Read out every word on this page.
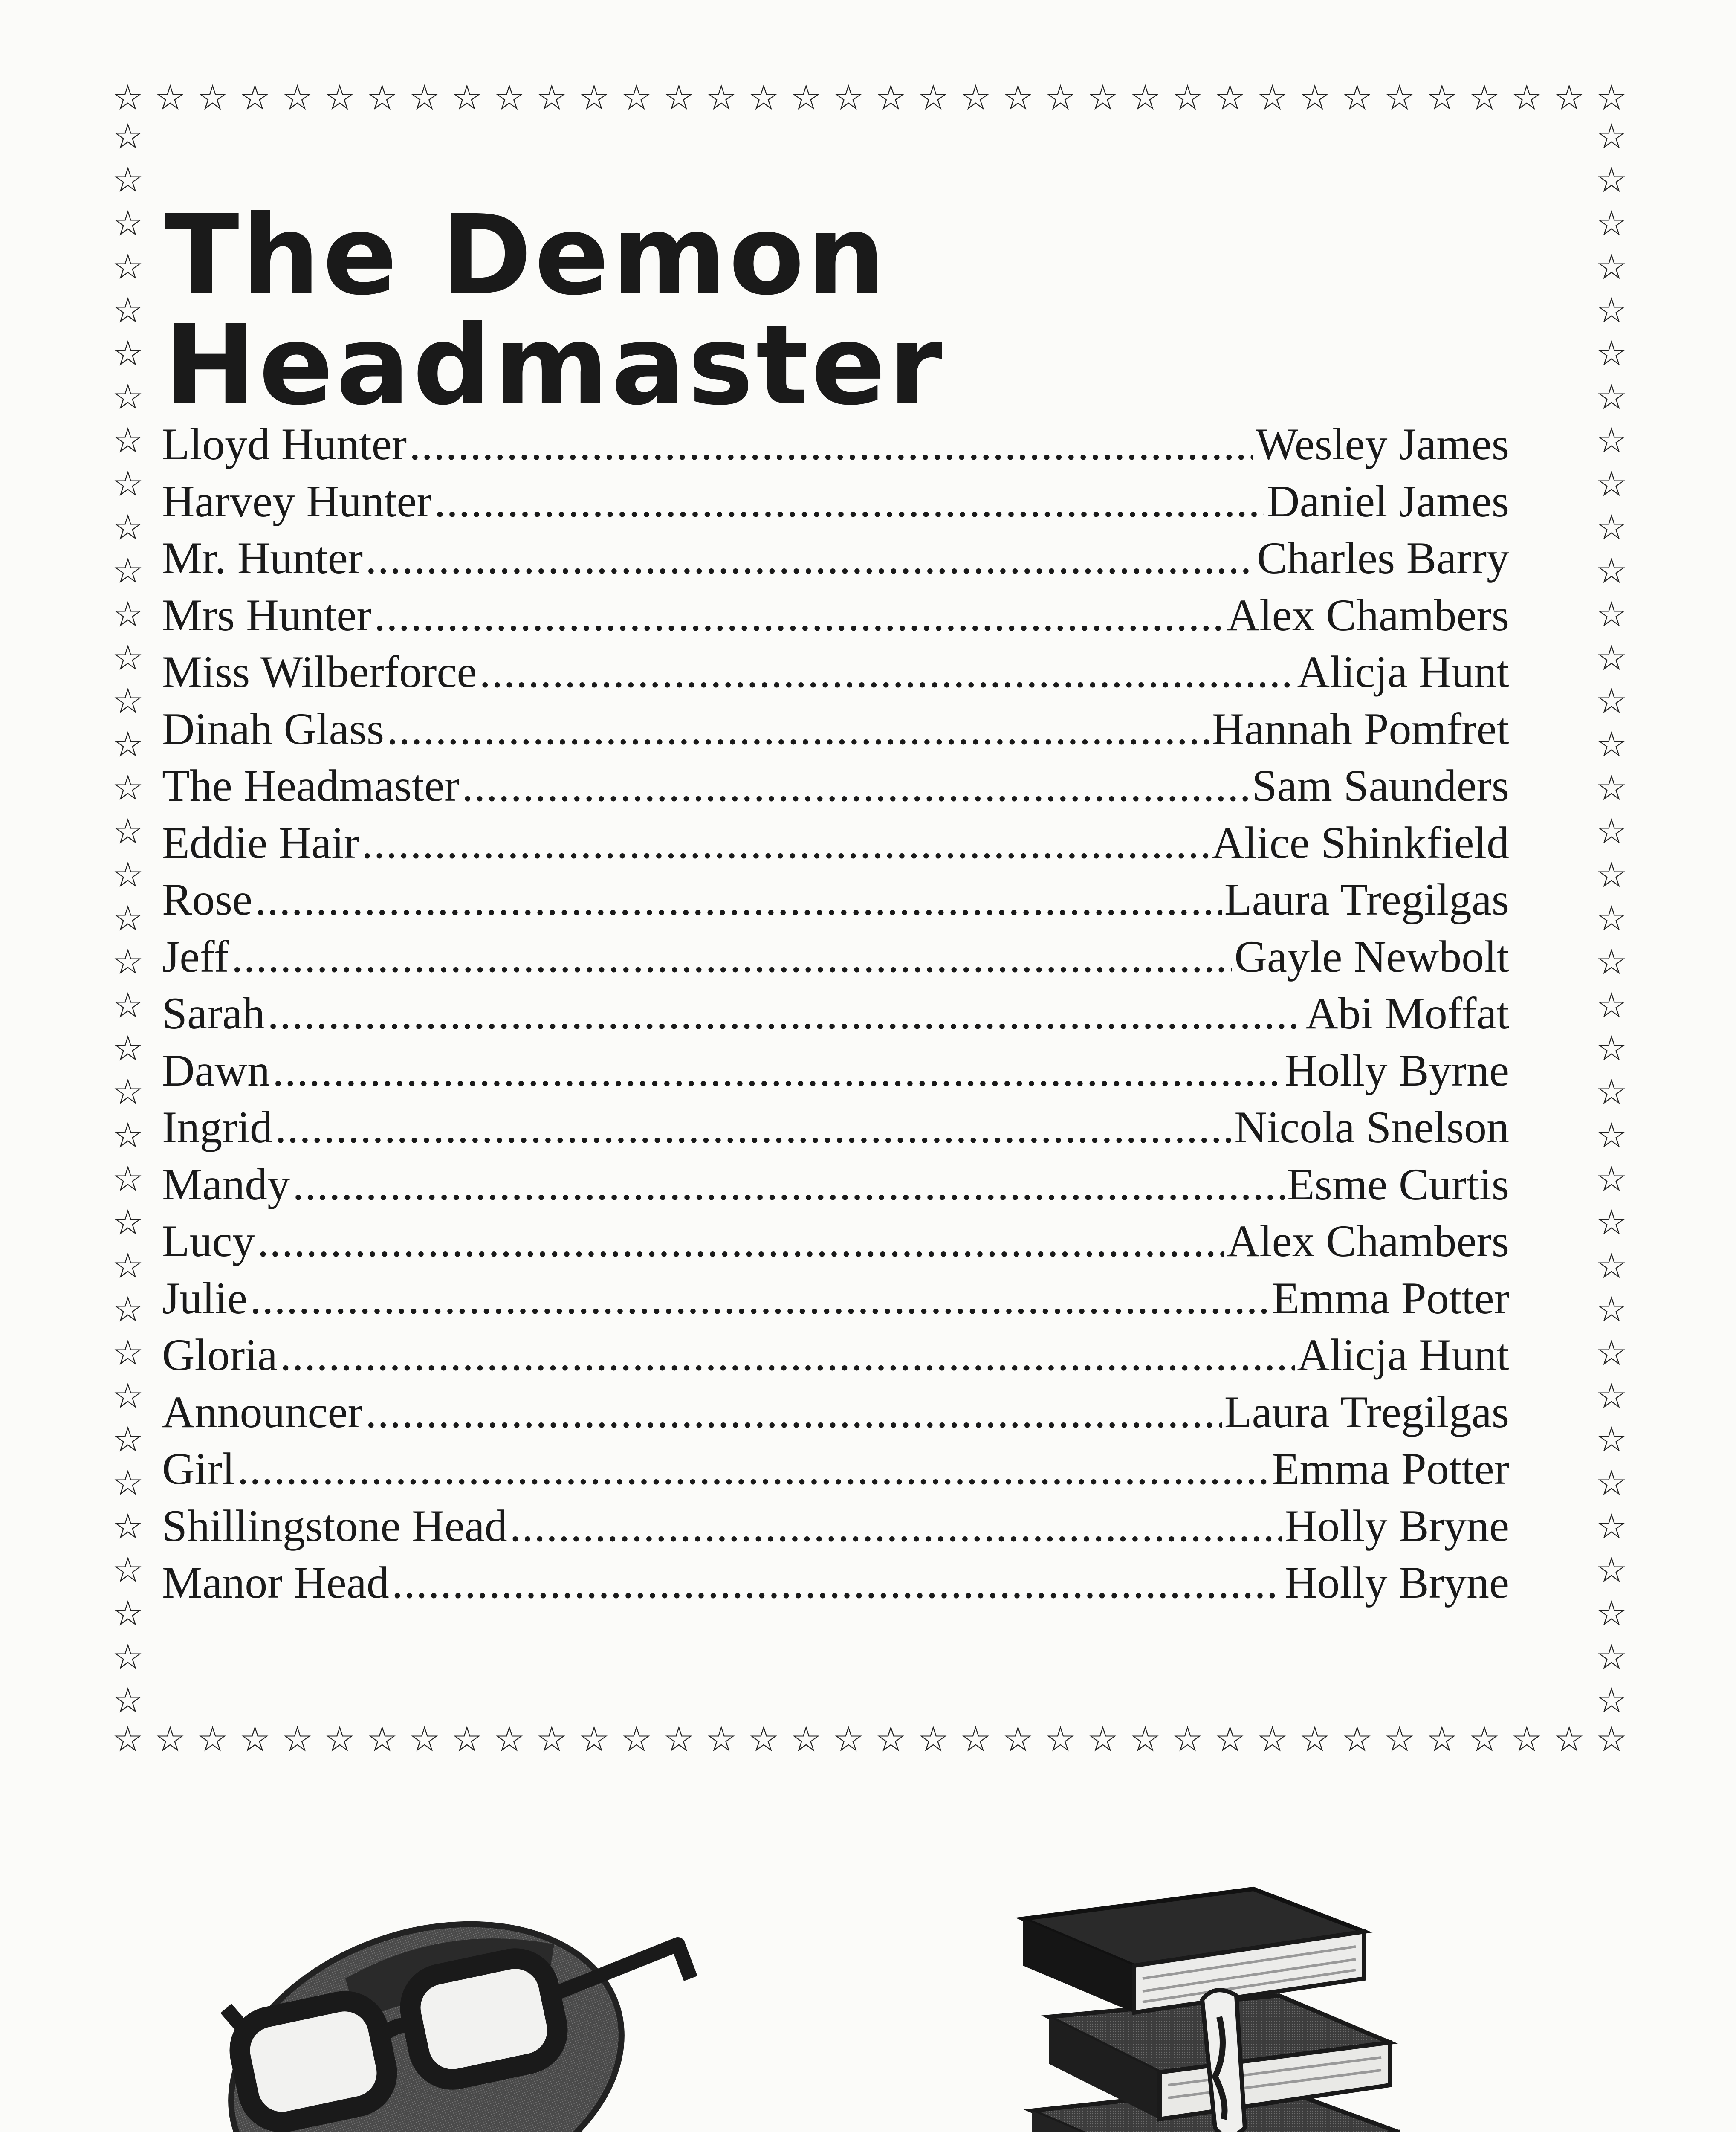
☆ ☆ ☆ ☆ ☆ ☆ ☆ ☆ ☆ ☆ ☆ ☆ ☆ ☆ ☆ ☆ ☆ ☆ ☆ ☆ ☆ ☆ ☆ ☆ ☆ ☆ ☆ ☆ ☆ ☆ ☆ ☆ ☆ ☆ ☆ ☆
☆
☆
☆
☆
☆
☆
☆
☆
☆
☆
☆
☆
☆
☆
☆
☆
☆
☆
☆
☆
☆
☆
☆
☆
☆
☆
☆
☆
☆
☆
☆
☆
☆
☆
☆
☆
☆
☆
☆
☆
☆
☆
☆
☆
☆
☆
☆
☆
☆
☆
☆
☆
☆
☆
☆
☆
☆
☆
☆
☆
☆
☆
☆
☆
☆
☆
☆
☆
☆
☆
☆
☆
☆
☆
☆ ☆ ☆ ☆ ☆ ☆ ☆ ☆ ☆ ☆ ☆ ☆ ☆ ☆ ☆ ☆ ☆ ☆ ☆ ☆ ☆ ☆ ☆ ☆ ☆ ☆ ☆ ☆ ☆ ☆ ☆ ☆ ☆ ☆ ☆ ☆
The Demon Headmaster
Lloyd Hunter .....	Wesley James
Harvey Hunter .....	Daniel James
Mr. Hunter .....	Charles Barry
Mrs Hunter .....	Alex Chambers
Miss Wilberforce .....	Alicja Hunt
Dinah Glass .....	Hannah Pomfret
The Headmaster .....	Sam Saunders
Eddie Hair .....	Alice Shinkfield
Rose .....	Laura Tregilgas
Jeff .....	Gayle Newbolt
Sarah .....	Abi Moffat
Dawn .....	Holly Byrne
Ingrid .....	Nicola Snelson
Mandy .....	Esme Curtis
Lucy .....	Alex Chambers
Julie .....	Emma Potter
Gloria .....	Alicja Hunt
Announcer .....	Laura Tregilgas
Girl .....	Emma Potter
Shillingstone Head .....	Holly Bryne
Manor Head .....	Holly Bryne
